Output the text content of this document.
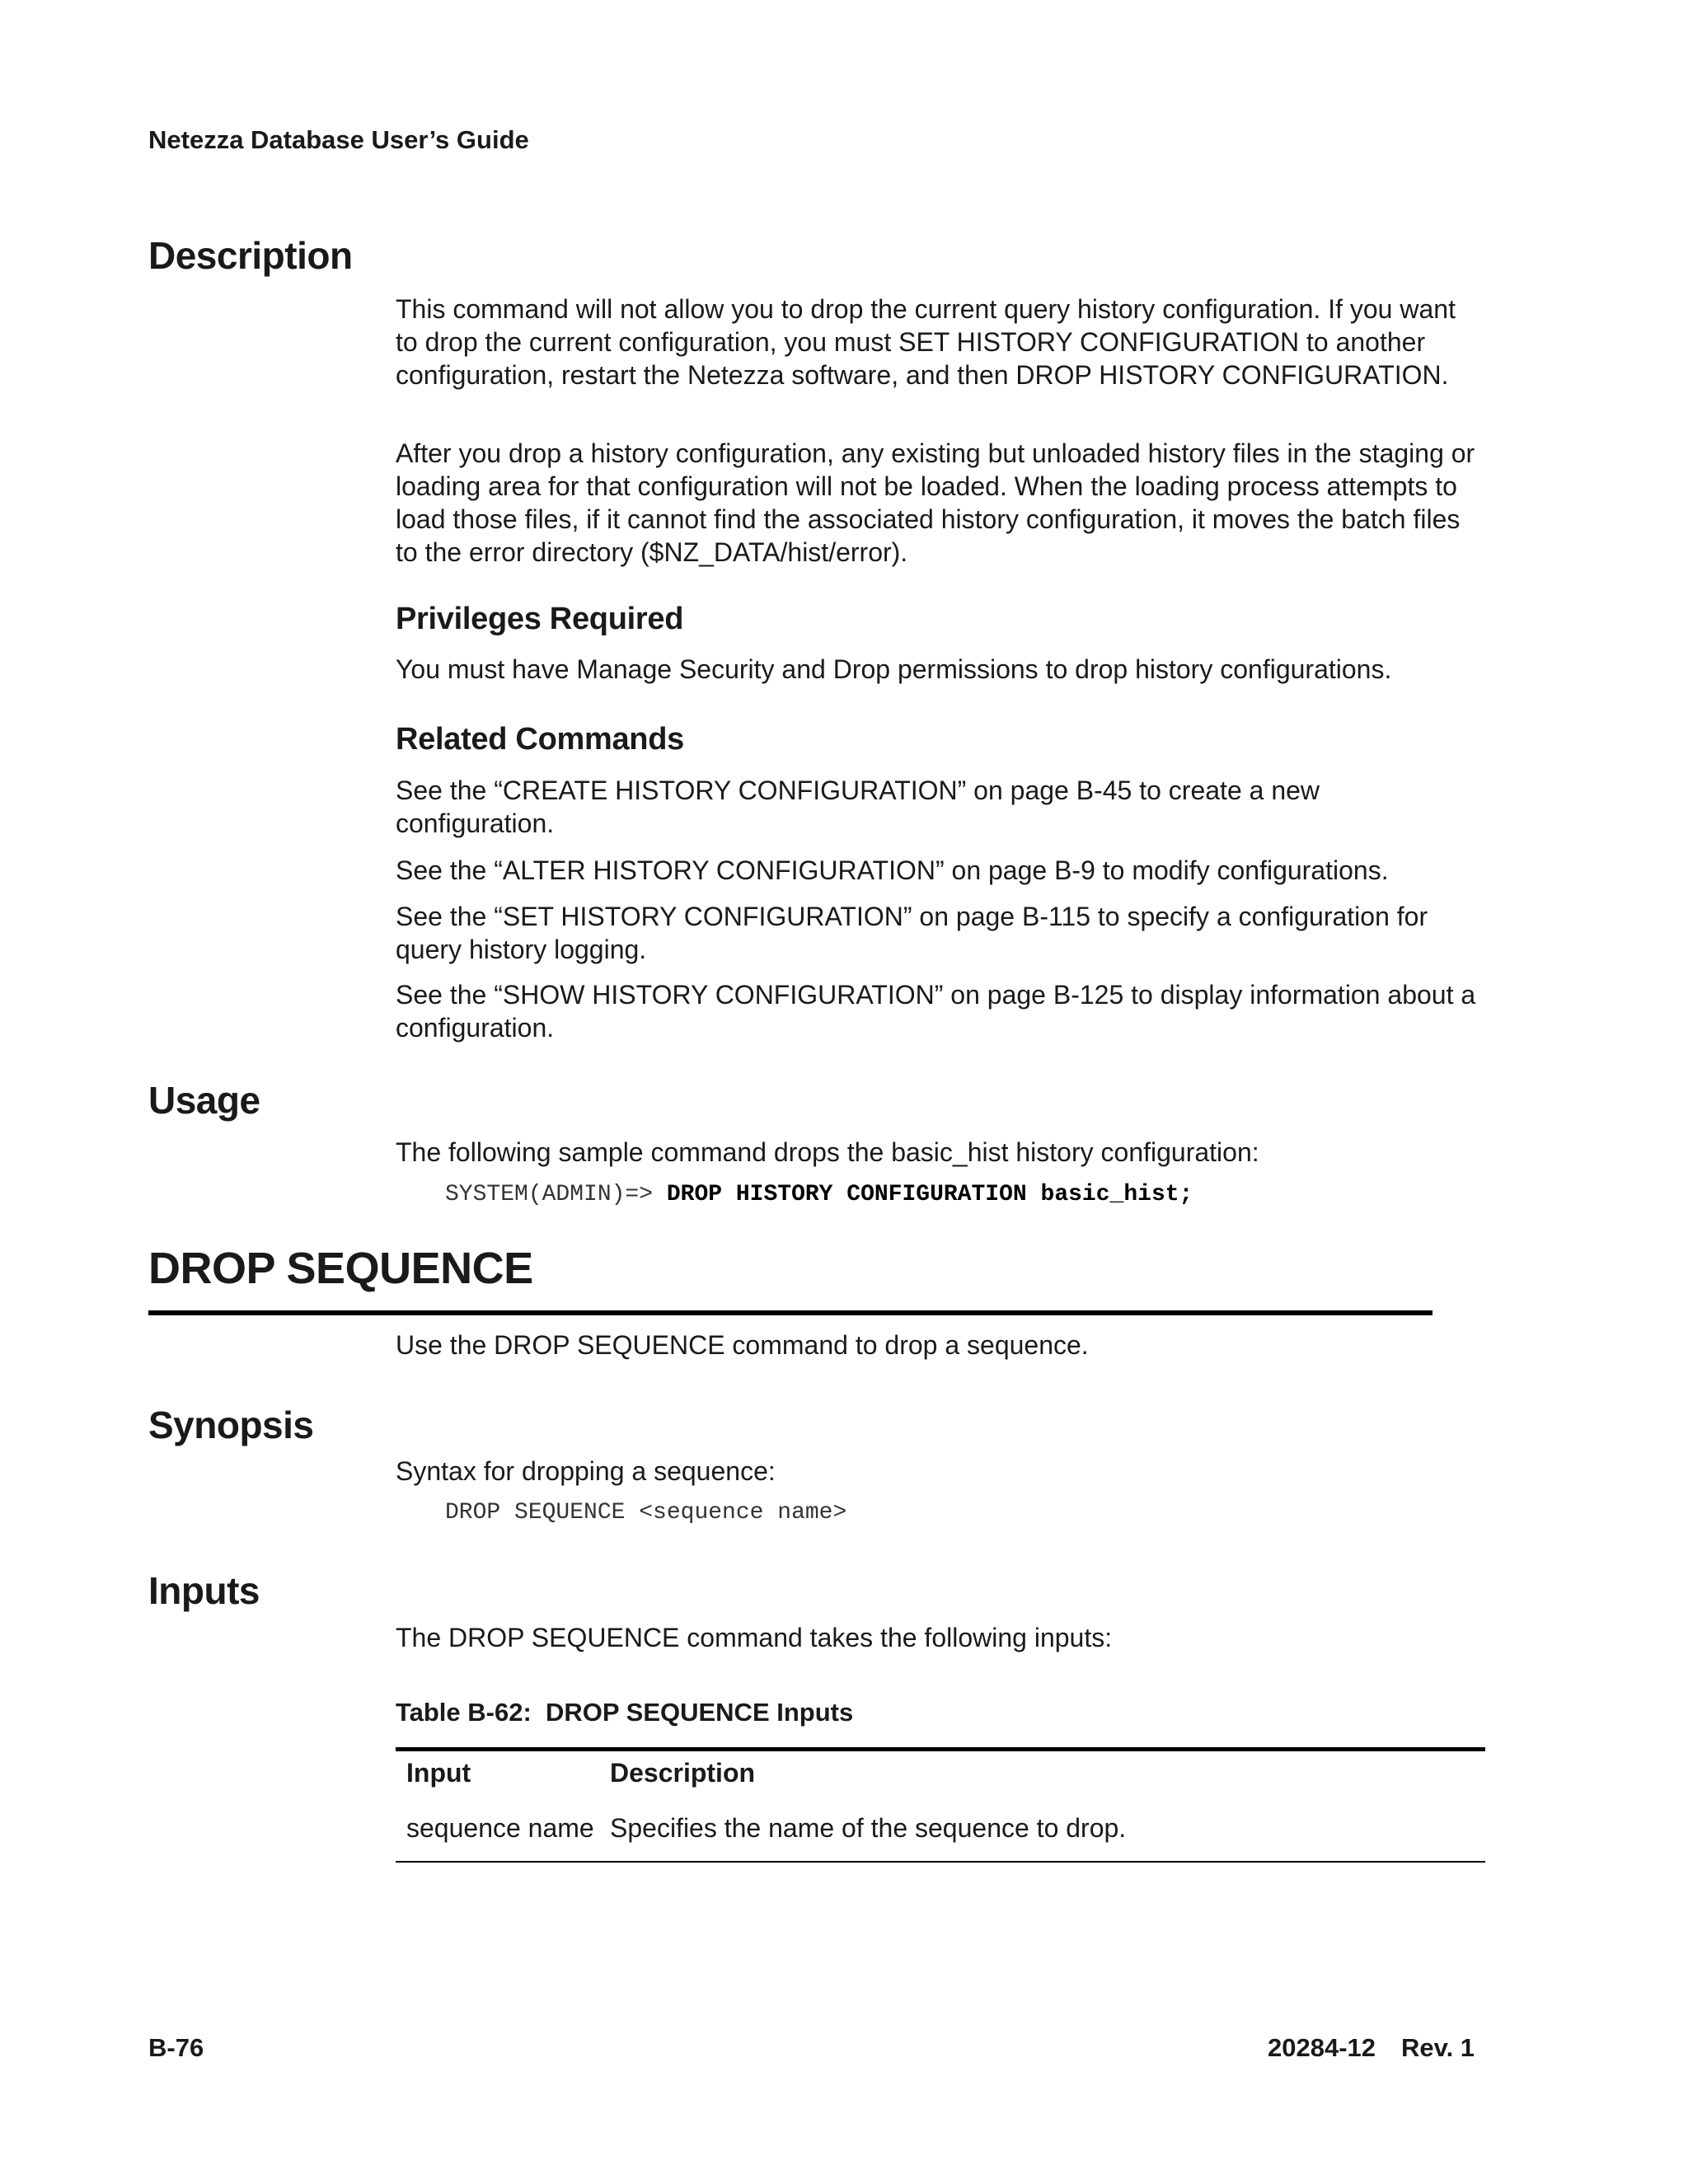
Netezza Database User’s Guide
Description

This command will not allow you to drop the current query history configuration. If you want to drop the current configuration, you must SET HISTORY CONFIGURATION to another configuration, restart the Netezza software, and then DROP HISTORY CONFIGURATION.

After you drop a history configuration, any existing but unloaded history files in the staging or loading area for that configuration will not be loaded. When the loading process attempts to load those files, if it cannot find the associated history configuration, it moves the batch files to the error directory ($NZ_DATA/hist/error).

Privileges Required
You must have Manage Security and Drop permissions to drop history configurations.
Related Commands
See the “CREATE HISTORY CONFIGURATION” on page B-45 to create a new configuration.
See the “ALTER HISTORY CONFIGURATION” on page B-9 to modify configurations.
See the “SET HISTORY CONFIGURATION” on page B-115 to specify a configuration for query history logging.
See the “SHOW HISTORY CONFIGURATION” on page B-125 to display information about a configuration.
Usage
The following sample command drops the basic_hist history configuration:
SYSTEM(ADMIN)=> DROP HISTORY CONFIGURATION basic_hist;
DROP SEQUENCE
Use the DROP SEQUENCE command to drop a sequence.
Synopsis
Syntax for dropping a sequence:
DROP SEQUENCE <sequence name>
Inputs
The DROP SEQUENCE command takes the following inputs:
Table B-62:  DROP SEQUENCE Inputs
Input	Description
sequence name Specifies the name of the sequence to drop.
B-76	20284-12 Rev. 1
